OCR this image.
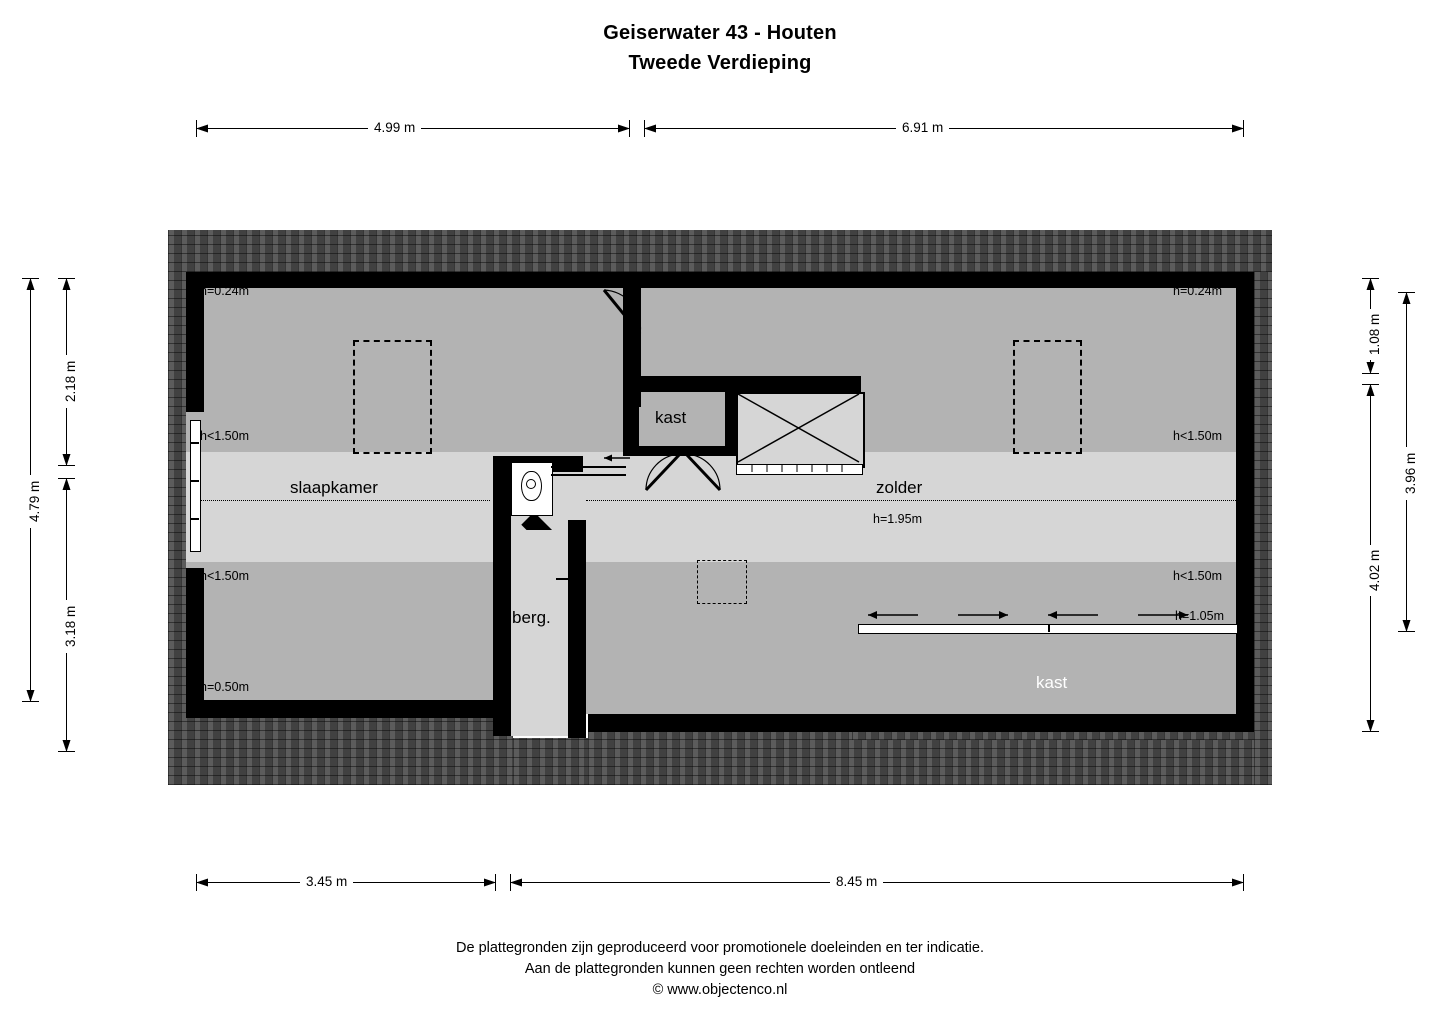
Geiserwater 43 - Houten
Tweede Verdieping
4.99 m	6.91 m
4.79 m
2.18 m
3.18 m
1.08 m
4.02 m
3.96 m
slaapkamer
kast
zolder
berg.
kast
h=0.24m	h=0.24m
h<1.50m	h<1.50m
h=1.95m
h<1.50m	h<1.50m
h=0.50m
h=0.24m
h=1.05m
3.45 m	8.45 m
De plattegronden zijn geproduceerd voor promotionele doeleinden en ter indicatie.
Aan de plattegronden kunnen geen rechten worden ontleend
© www.objectenco.nl
